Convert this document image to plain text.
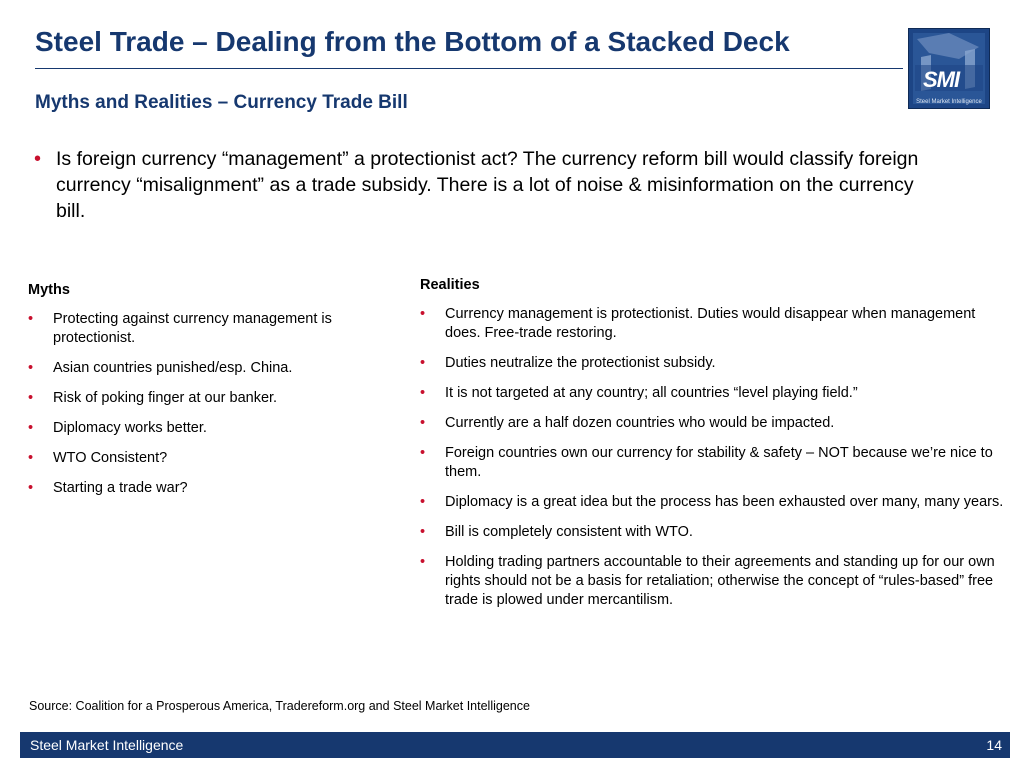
Steel Trade – Dealing from the Bottom of a Stacked Deck
SMI
Steel Market Intelligence
Myths and Realities – Currency Trade Bill
• Is foreign currency “management” a protectionist act? The currency reform bill would classify foreign currency “misalignment” as a trade subsidy. There is a lot of noise & misinformation on the currency bill.
Myths
• Protecting against currency management is protectionist.
• Asian countries punished/esp. China.
• Risk of poking finger at our banker.
• Diplomacy works better.
• WTO Consistent?
• Starting a trade war?
Realities
• Currency management is protectionist. Duties would disappear when management does. Free-trade restoring.
• Duties neutralize the protectionist subsidy.
• It is not targeted at any country; all countries “level playing field.”
• Currently are a half dozen countries who would be impacted.
• Foreign countries own our currency for stability & safety – NOT because we’re nice to them.
• Diplomacy is a great idea but the process has been exhausted over many, many years.
• Bill is completely consistent with WTO.
• Holding trading partners accountable to their agreements and standing up for our own rights should not be a basis for retaliation; otherwise the concept of “rules-based” free trade is plowed under mercantilism.
Source: Coalition for a Prosperous America, Tradereform.org and Steel Market Intelligence
Steel Market Intelligence	14
